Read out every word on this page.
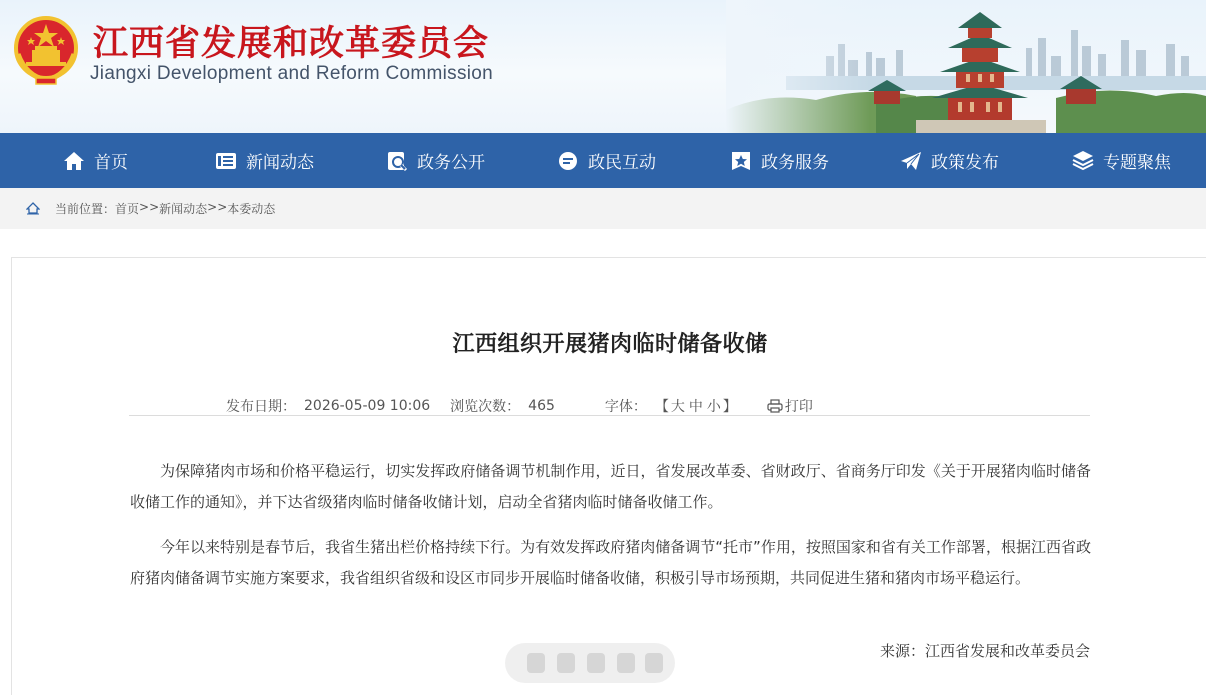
江西省发展和改革委员会
Jiangxi Development and Reform Commission
首页	新闻动态	政务公开	政民互动	政务服务	政策发布	专题聚焦
当前位置： 首页 >> 新闻动态 >> 本委动态
江西组织开展猪肉临时储备收储
发布日期： 2026-05-09 10:06 浏览次数： 465	字体： 【 大 中 小 】	打印

为保障猪肉市场和价格平稳运行，切实发挥政府储备调节机制作用，近日，省发展改革委、省财政厅、省商务厅印发《关于开展猪肉临时储备收储工作的通知》，并下达省级猪肉临时储备收储计划，启动全省猪肉临时储备收储工作。

今年以来特别是春节后，我省生猪出栏价格持续下行。为有效发挥政府猪肉储备调节“托市”作用，按照国家和省有关工作部署，根据江西省政府猪肉储备调节实施方案要求，我省组织省级和设区市同步开展临时储备收储，积极引导市场预期，共同促进生猪和猪肉市场平稳运行。

来源：江西省发展和改革委员会
